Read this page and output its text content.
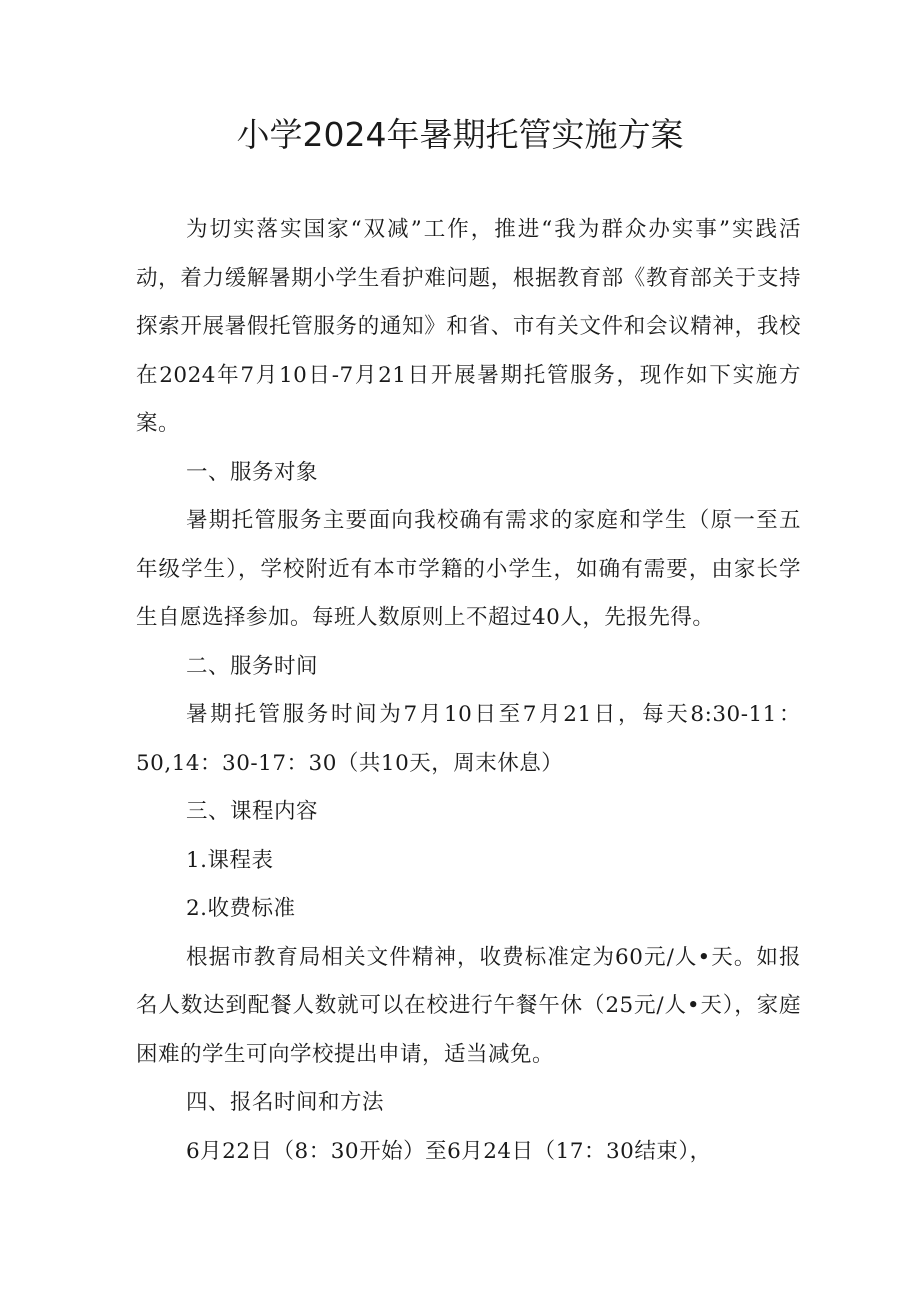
小学2024年暑期托管实施方案

为切实落实国家“双减”工作，推进“我为群众办实事”实践活动，着力缓解暑期小学生看护难问题，根据教育部《教育部关于支持探索开展暑假托管服务的通知》和省、市有关文件和会议精神，我校在2024年7月10日-7月21日开展暑期托管服务，现作如下实施方案。

一、服务对象

暑期托管服务主要面向我校确有需求的家庭和学生（原一至五年级学生），学校附近有本市学籍的小学生，如确有需要，由家长学生自愿选择参加。每班人数原则上不超过40人，先报先得。

二、服务时间

暑期托管服务时间为7月10日至7月21日，每天8:30-11：50,14：30-17：30（共10天，周末休息）

三、课程内容

1.课程表

2.收费标准

根据市教育局相关文件精神，收费标准定为60元/人•天。如报名人数达到配餐人数就可以在校进行午餐午休（25元/人•天），家庭困难的学生可向学校提出申请，适当减免。

四、报名时间和方法

6月22日（8：30开始）至6月24日（17：30结束），
